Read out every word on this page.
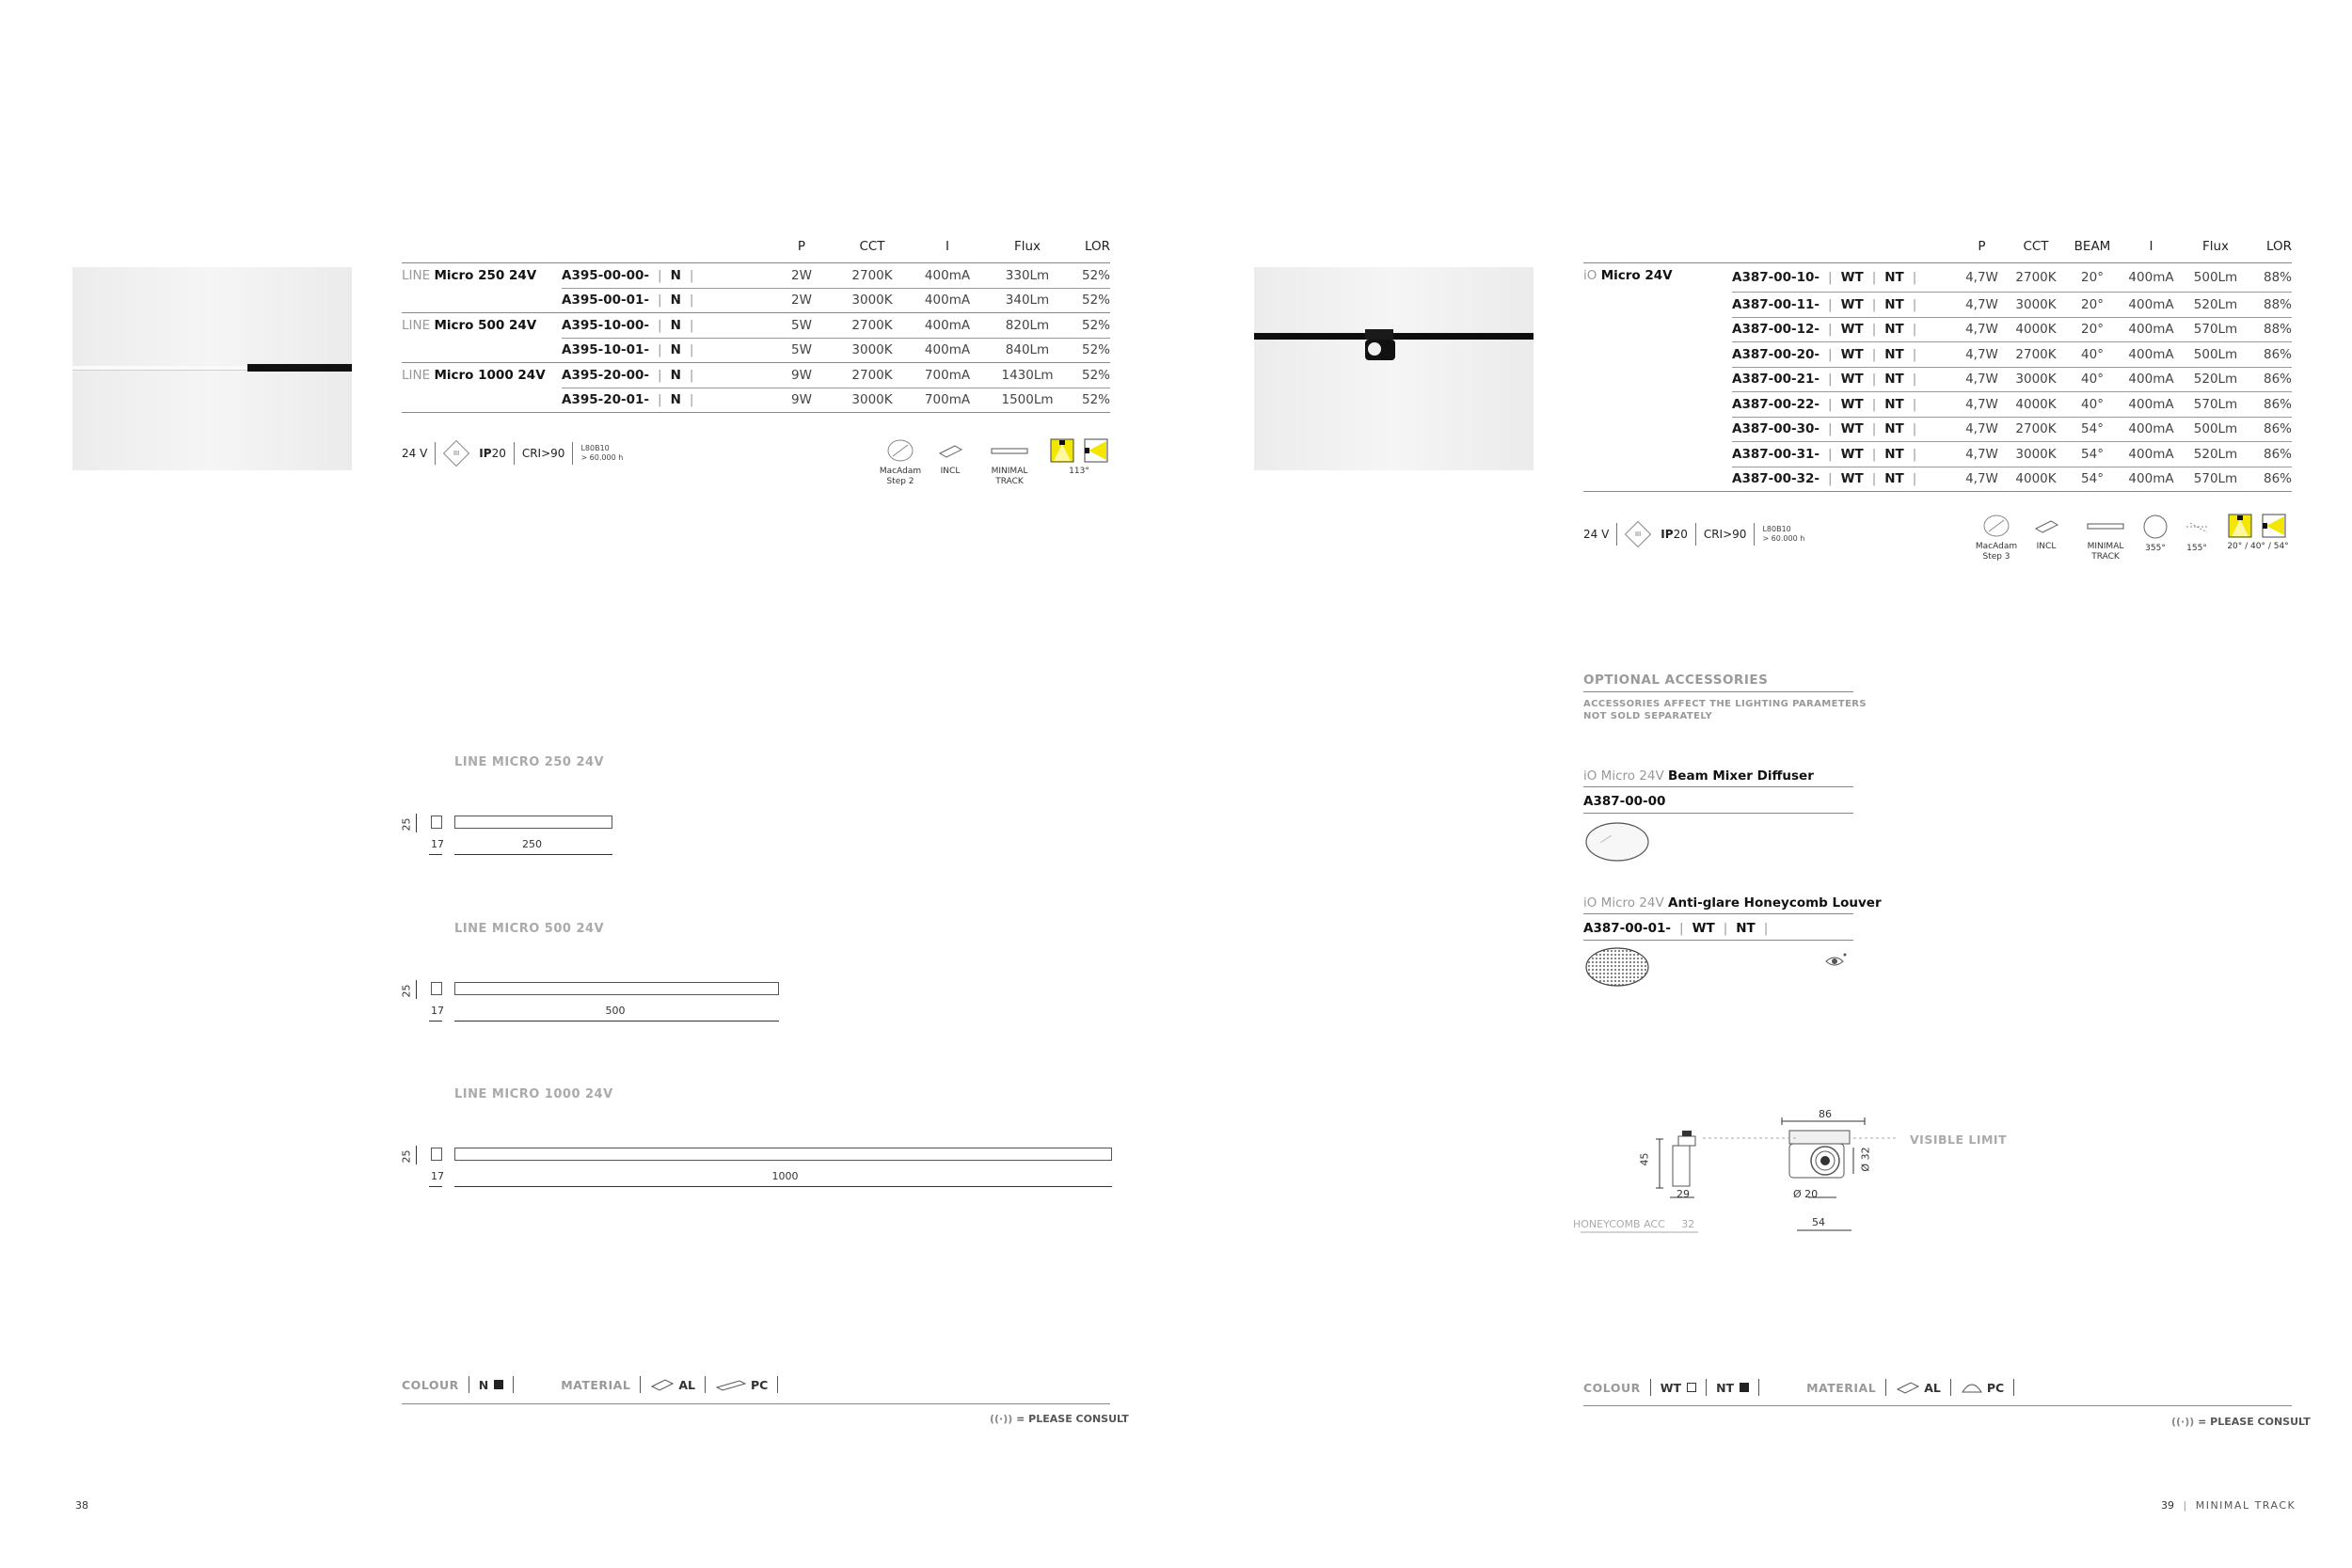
		P	CCT	I	Flux	LOR
LINE Micro 250 24V	A395-00-00- | N |	2W	2700K	400mA	330Lm	52%
	A395-00-01- | N |	2W	3000K	400mA	340Lm	52%
LINE Micro 500 24V	A395-10-00- | N |	5W	2700K	400mA	820Lm	52%
	A395-10-01- | N |	5W	3000K	400mA	840Lm	52%
LINE Micro 1000 24V	A395-20-00- | N |	9W	2700K	700mA	1430Lm	52%
	A395-20-01- | N |	9W	3000K	700mA	1500Lm	52%
24 V	III IP20 CRI>90 L80B10
> 60.000 h

MacAdam
Step 2

INCL	MINIMAL
TRACK

113°
LINE MICRO 250 24V
25
17	250
LINE MICRO 500 24V
25
17	500
LINE MICRO 1000 24V
25
17	1000
COLOUR N	MATERIAL	AL	PC
((·)) = PLEASE CONSULT
38
		P	CCT	BEAM	I	Flux	LOR
iO Micro 24V	A387-00-10- | WT | NT |	4,7W	2700K	20°	400mA	500Lm	88%
	A387-00-11- | WT | NT |	4,7W	3000K	20°	400mA	520Lm	88%
	A387-00-12- | WT | NT |	4,7W	4000K	20°	400mA	570Lm	88%
	A387-00-20- | WT | NT |	4,7W	2700K	40°	400mA	500Lm	86%
	A387-00-21- | WT | NT |	4,7W	3000K	40°	400mA	520Lm	86%
	A387-00-22- | WT | NT |	4,7W	4000K	40°	400mA	570Lm	86%
	A387-00-30- | WT | NT |	4,7W	2700K	54°	400mA	500Lm	86%
	A387-00-31- | WT | NT |	4,7W	3000K	54°	400mA	520Lm	86%
	A387-00-32- | WT | NT |	4,7W	4000K	54°	400mA	570Lm	86%
24 V	III IP20 CRI>90 L80B10
> 60.000 h

MacAdam
Step 3

INCL	MINIMAL
TRACK

355°	155°	20° / 40° / 54°
OPTIONAL ACCESSORIES
ACCESSORIES AFFECT THE LIGHTING PARAMETERS
NOT SOLD SEPARATELY
iO Micro 24V Beam Mixer Diffuser
A387-00-00
iO Micro 24V Anti-glare Honeycomb Louver
A387-00-01- | WT | NT |
86
45	Ø 32
29	Ø 20
54
VISIBLE LIMIT
HONEYCOMB ACC 32
COLOUR WT	NT	MATERIAL	AL	PC
((·)) = PLEASE CONSULT
39 | MINIMAL TRACK
